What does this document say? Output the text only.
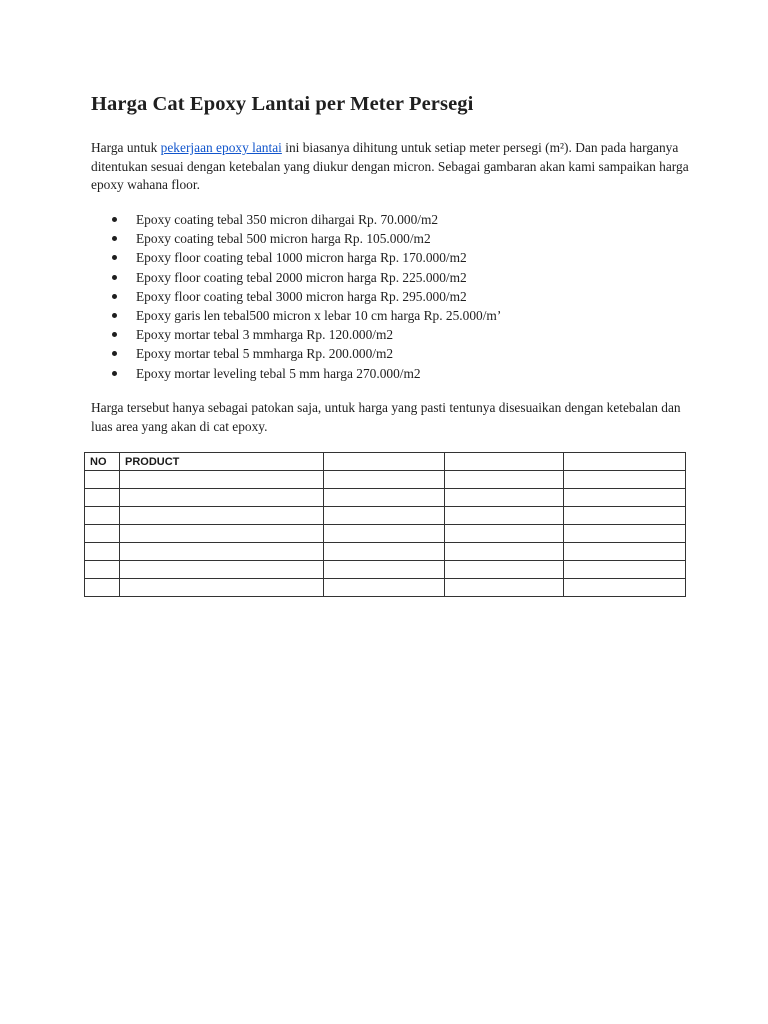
Harga Cat Epoxy Lantai per Meter Persegi

Harga untuk pekerjaan epoxy lantai ini biasanya dihitung untuk setiap meter persegi (m²). Dan pada harganya ditentukan sesuai dengan ketebalan yang diukur dengan micron. Sebagai gambaran akan kami sampaikan harga epoxy wahana floor.

Epoxy coating tebal 350 micron dihargai Rp. 70.000/m2
Epoxy coating tebal 500 micron harga Rp. 105.000/m2
Epoxy floor coating tebal 1000 micron harga Rp. 170.000/m2
Epoxy floor coating tebal 2000 micron harga Rp. 225.000/m2
Epoxy floor coating tebal 3000 micron harga Rp. 295.000/m2
Epoxy garis len tebal500 micron x lebar 10 cm harga Rp. 25.000/m’
Epoxy mortar tebal 3 mmharga Rp. 120.000/m2
Epoxy mortar tebal 5 mmharga Rp. 200.000/m2
Epoxy mortar leveling tebal 5 mm harga 270.000/m2

Harga tersebut hanya sebagai patokan saja, untuk harga yang pasti tentunya disesuaikan dengan ketebalan dan luas area yang akan di cat epoxy.

NO	PRODUCT			
